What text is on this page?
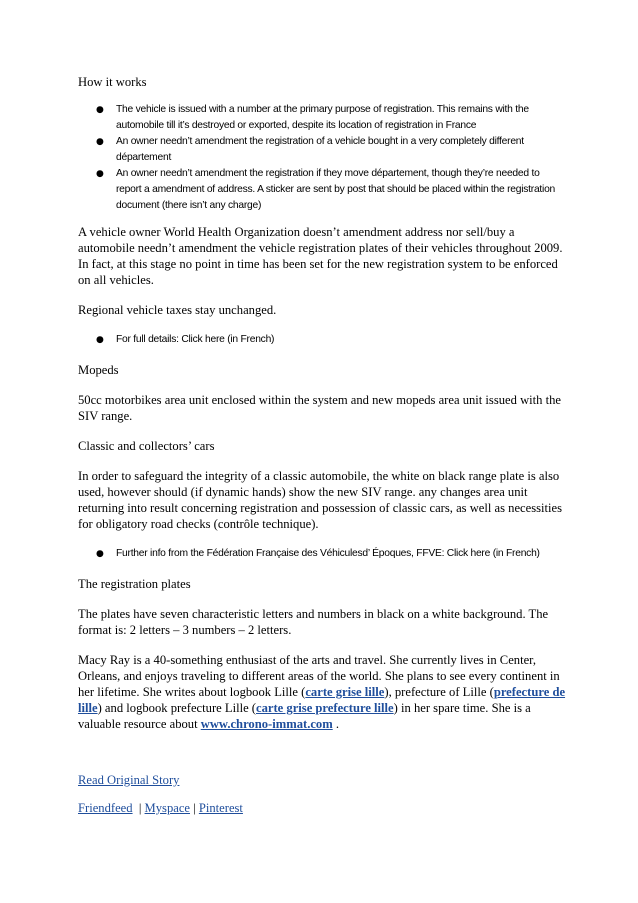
How it works

● The vehicle is issued with a number at the primary purpose of registration. This remains with the automobile till it’s destroyed or exported, despite its location of registration in France
● An owner needn’t amendment the registration of a vehicle bought in a very completely different département
● An owner needn’t amendment the registration if they move département, though they’re needed to report a amendment of address. A sticker are sent by post that should be placed within the registration document (there isn’t any charge)

A vehicle owner World Health Organization doesn’t amendment address nor sell/buy a automobile needn’t amendment the vehicle registration plates of their vehicles throughout 2009. In fact, at this stage no point in time has been set for the new registration system to be enforced on all vehicles.

Regional vehicle taxes stay unchanged.

● For full details: Click here (in French)

Mopeds

50cc motorbikes area unit enclosed within the system and new mopeds area unit issued with the SIV range.

Classic and collectors’ cars

In order to safeguard the integrity of a classic automobile, the white on black range plate is also used, however should (if dynamic hands) show the new SIV range. any changes area unit returning into result concerning registration and possession of classic cars, as well as necessities for obligatory road checks (contrôle technique).

● Further info from the Fédération Française des Véhiculesd’ Époques, FFVE: Click here (in French)

The registration plates

The plates have seven characteristic letters and numbers in black on a white background. The format is: 2 letters – 3 numbers – 2 letters.

Macy Ray is a 40-something enthusiast of the arts and travel. She currently lives in Center, Orleans, and enjoys traveling to different areas of the world. She plans to see every continent in her lifetime. She writes about logbook Lille (carte grise lille), prefecture of Lille (prefecture de lille) and logbook prefecture Lille (carte grise prefecture lille) in her spare time. She is a valuable resource about www.chrono-immat.com .

Read Original Story

Friendfeed | Myspace | Pinterest
